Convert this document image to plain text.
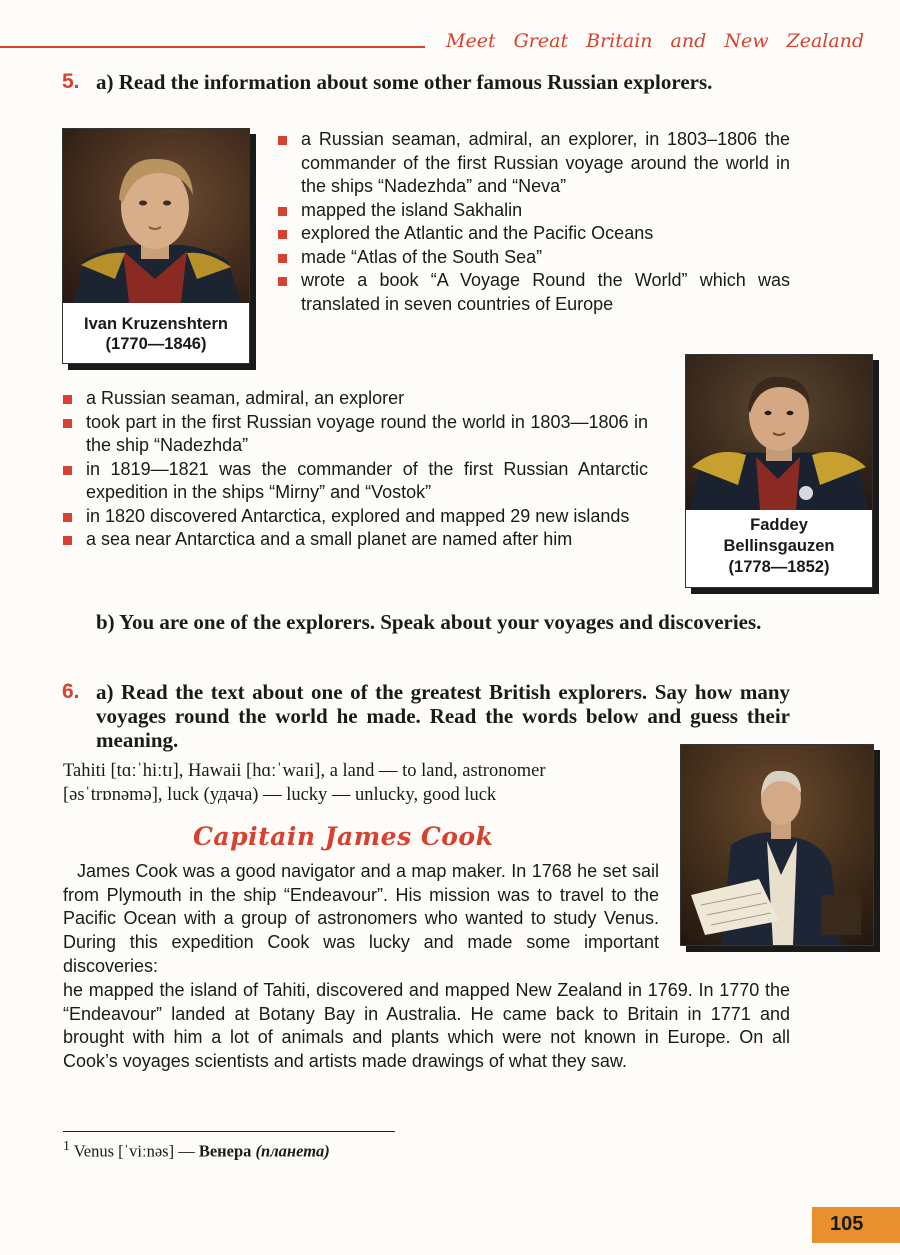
Meet Great Britain and New Zealand
5. a) Read the information about some other famous Russian explorers.
Ivan Kruzenshtern
(1770—1846)
a Russian seaman, admiral, an explorer, in 1803–1806 the commander of the first Russian voyage around the world in the ships “Nadezhda” and “Neva”
mapped the island Sakhalin
explored the Atlantic and the Pacific Oceans
made “Atlas of the South Sea”
wrote a book “A Voyage Round the World” which was translated in seven countries of Europe
Faddey
Bellinsgauzen
(1778—1852)
a Russian seaman, admiral, an explorer
took part in the first Russian voyage round the world in 1803—1806 in the ship “Nadezhda”
in 1819—1821 was the commander of the first Russian Antarctic expedition in the ships “Mirny” and “Vostok”
in 1820 discovered Antarctica, explored and mapped 29 new islands
a sea near Antarctica and a small planet are named after him
b) You are one of the explorers. Speak about your voyages and discoveries.
6. a) Read the text about one of the greatest British explorers. Say how many voyages round the world he made. Read the words below and guess their meaning.
Tahiti [tɑːˈhiːtɪ], Hawaii [hɑːˈwaɪi], a land — to land, astronomer
[əsˈtrɒnəmə], luck (удача) — lucky — unlucky, good luck
Capitain James Cook
James Cook was a good navigator and a map maker. In 1768 he set sail from Plymouth in the ship “Endeavour”. His mission was to travel to the Pacific Ocean with a group of astronomers who wanted to study Venus. During this expedition Cook was lucky and made some important discoveries:
he mapped the island of Tahiti, discovered and mapped New Zealand in 1769. In 1770 the “Endeavour” landed at Botany Bay in Australia. He came back to Britain in 1771 and brought with him a lot of animals and plants which were not known in Europe. On all Cook’s voyages scientists and artists made drawings of what they saw.
$^1$ Venus [ˈviːnəs] — Венера (планета)
105
